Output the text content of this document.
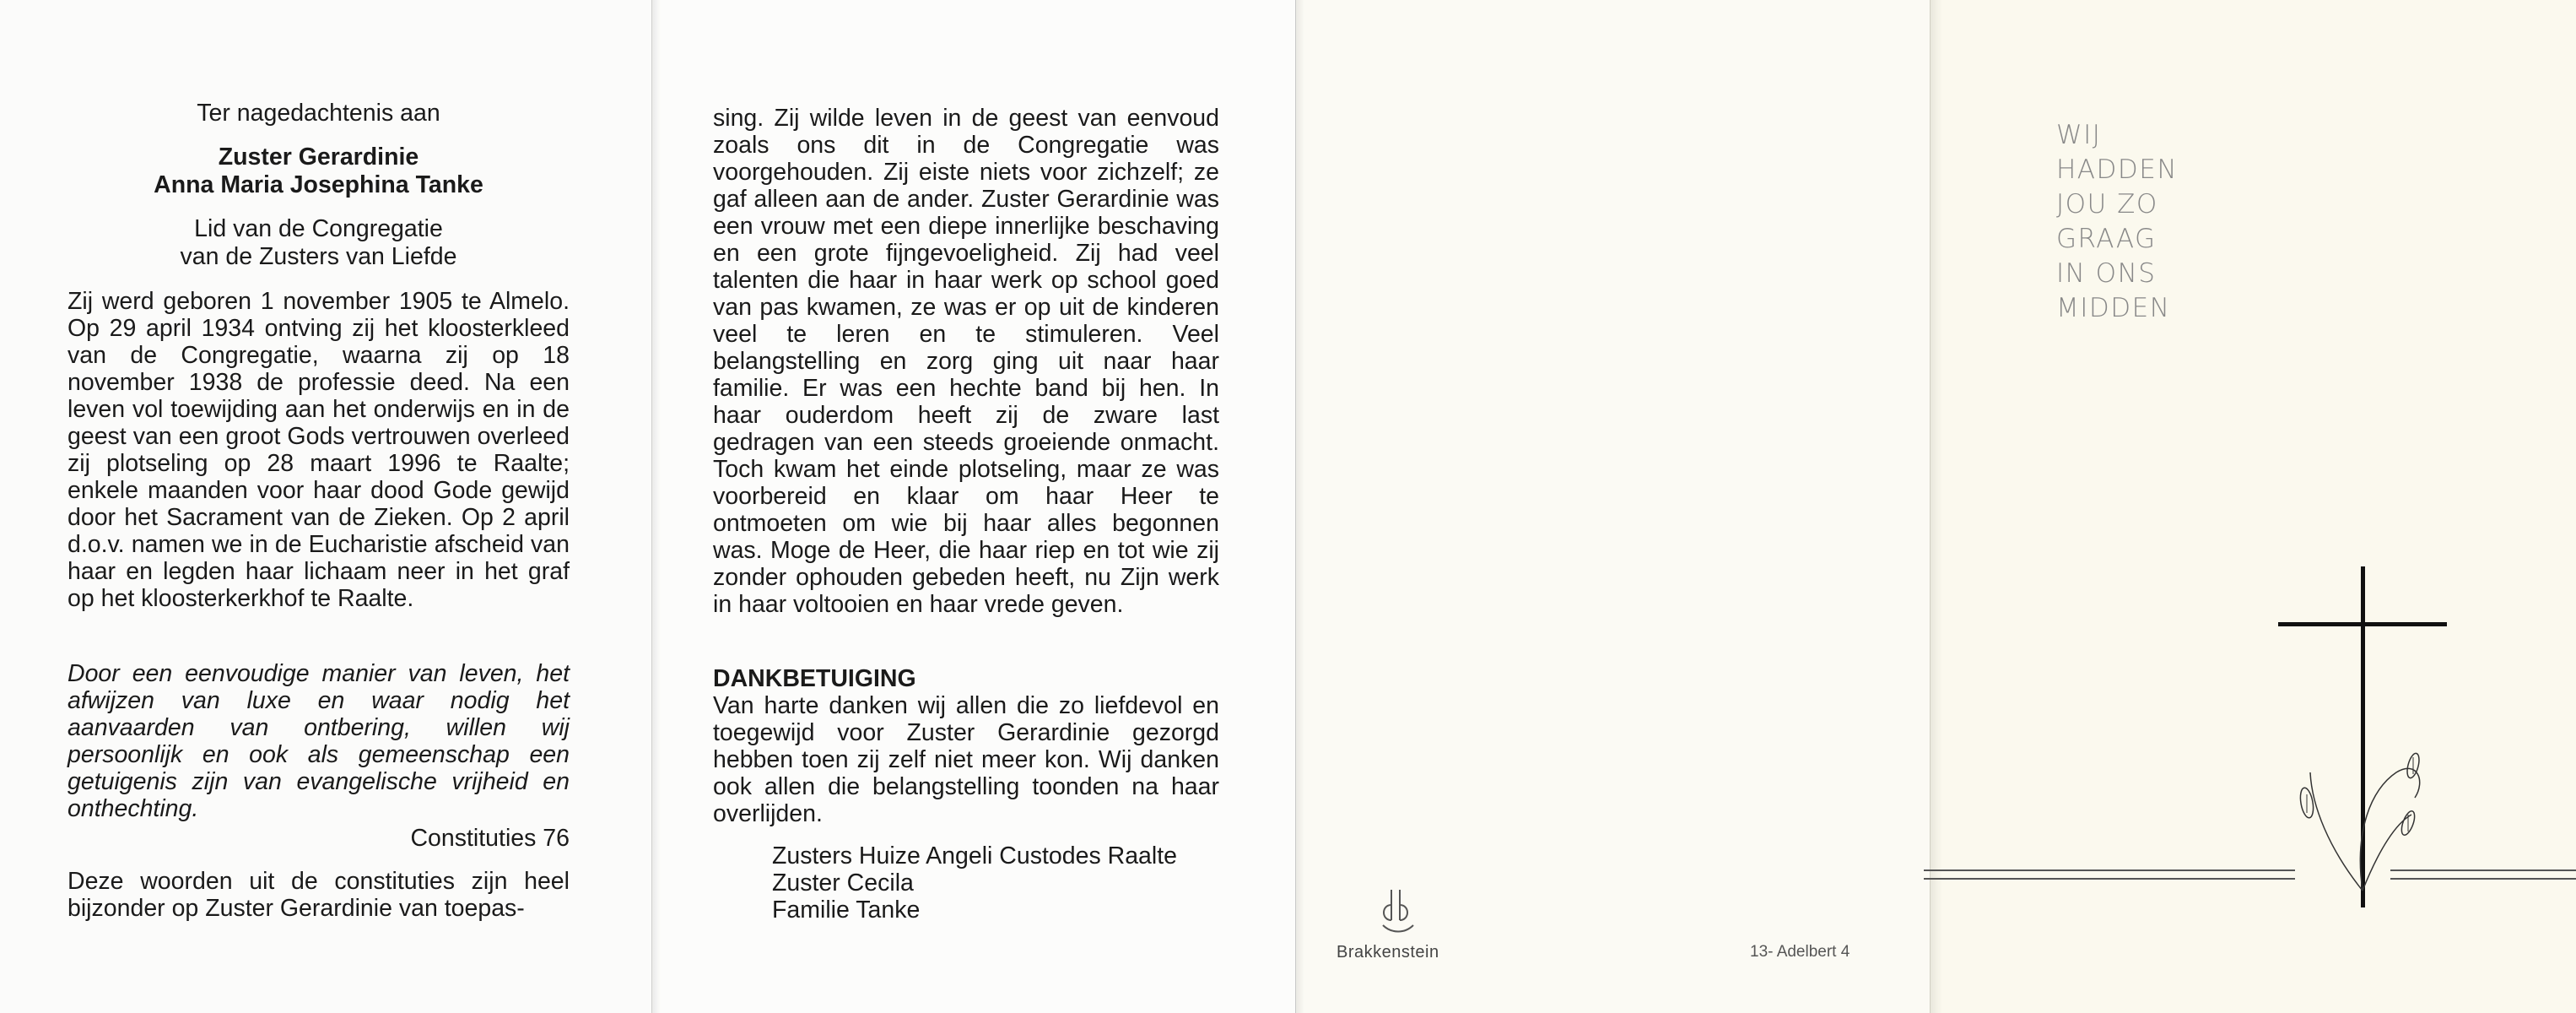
Ter nagedachtenis aan
Zuster Gerardinie
Anna Maria Josephina Tanke
Lid van de Congregatie
van de Zusters van Liefde
Zij werd geboren 1 november 1905 te Almelo. Op 29 april 1934 ontving zij het kloosterkleed van de Congregatie, waarna zij op 18 november 1938 de professie deed. Na een leven vol toewijding aan het onderwijs en in de geest van een groot Gods vertrouwen overleed zij plotseling op 28 maart 1996 te Raalte; enkele maanden voor haar dood Gode gewijd door het Sacrament van de Zieken. Op 2 april d.o.v. namen we in de Eucharistie afscheid van haar en legden haar lichaam neer in het graf op het kloosterkerkhof te Raalte.
Door een eenvoudige manier van leven, het afwijzen van luxe en waar nodig het aanvaarden van ontbering, willen wij persoonlijk en ook als gemeenschap een getuigenis zijn van evangelische vrijheid en onthechting.
Constituties 76
Deze woorden uit de constituties zijn heel bijzonder op Zuster Gerardinie van toepas-
sing. Zij wilde leven in de geest van eenvoud zoals ons dit in de Congregatie was voorgehouden. Zij eiste niets voor zichzelf; ze gaf alleen aan de ander. Zuster Gerardinie was een vrouw met een diepe innerlijke beschaving en een grote fijngevoeligheid. Zij had veel talenten die haar in haar werk op school goed van pas kwamen, ze was er op uit de kinderen veel te leren en te stimuleren. Veel belangstelling en zorg ging uit naar haar familie. Er was een hechte band bij hen. In haar ouderdom heeft zij de zware last gedragen van een steeds groeiende onmacht. Toch kwam het einde plotseling, maar ze was voorbereid en klaar om haar Heer te ontmoeten om wie bij haar alles begonnen was. Moge de Heer, die haar riep en tot wie zij zonder ophouden gebeden heeft, nu Zijn werk in haar voltooien en haar vrede geven.
DANKBETUIGING
Van harte danken wij allen die zo liefdevol en toegewijd voor Zuster Gerardinie gezorgd hebben toen zij zelf niet meer kon. Wij danken ook allen die belangstelling toonden na haar overlijden.
Zusters Huize Angeli Custodes Raalte
Zuster Cecila
Familie Tanke
Brakkenstein	13- Adelbert 4
WIJ
HADDEN
JOU ZO
GRAAG
IN ONS
MIDDEN
